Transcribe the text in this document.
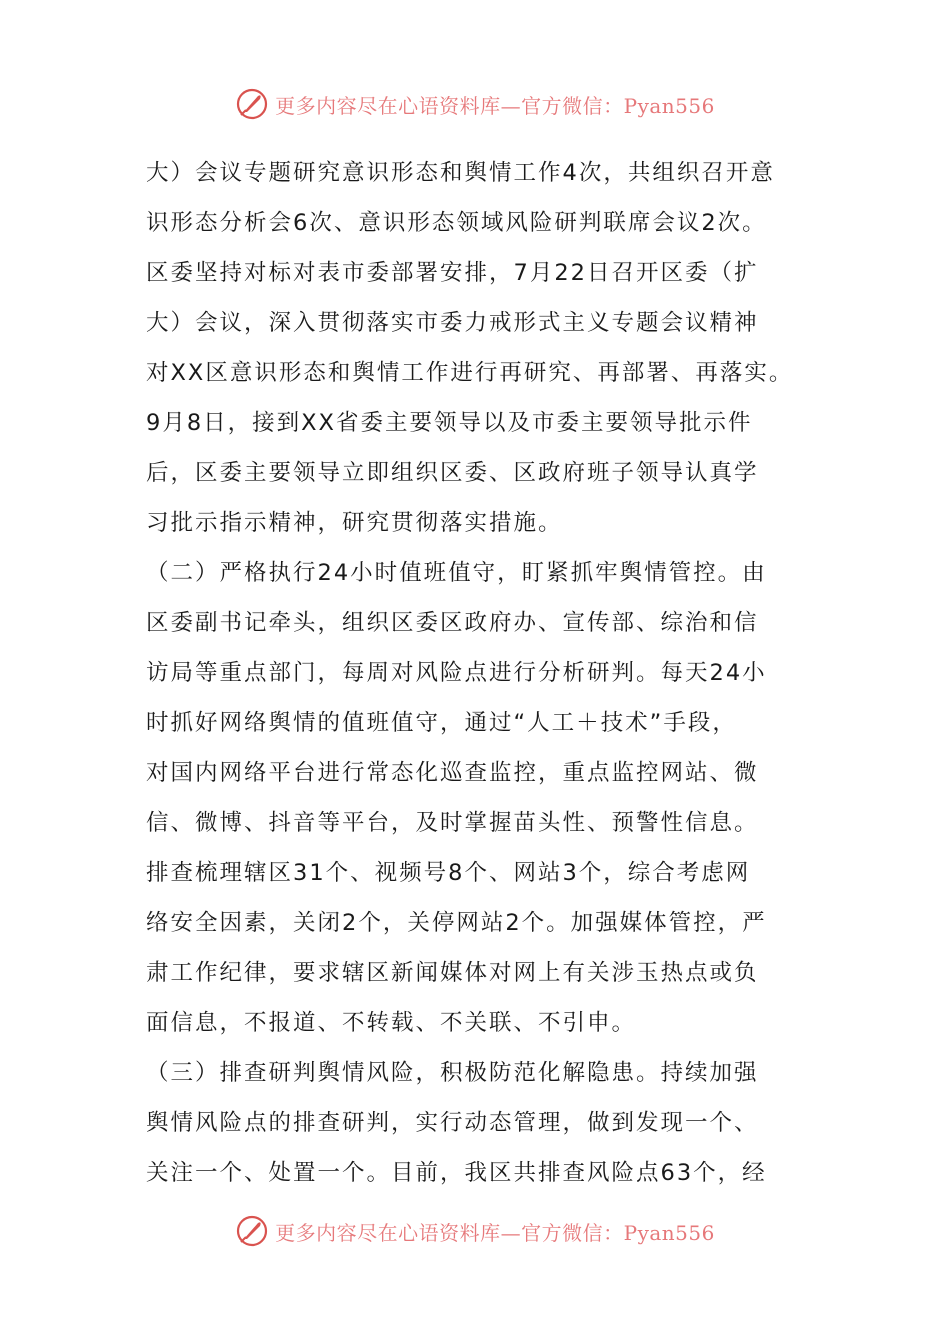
更多内容尽在心语资料库—官方微信：Pyan556
大）会议专题研究意识形态和舆情工作4次，共组织召开意
识形态分析会6次、意识形态领域风险研判联席会议2次。
区委坚持对标对表市委部署安排，7月22日召开区委（扩
大）会议，深入贯彻落实市委力戒形式主义专题会议精神
对XX区意识形态和舆情工作进行再研究、再部署、再落实。
9月8日，接到XX省委主要领导以及市委主要领导批示件
后，区委主要领导立即组织区委、区政府班子领导认真学
习批示指示精神，研究贯彻落实措施。
（二）严格执行24小时值班值守，盯紧抓牢舆情管控。由
区委副书记牵头，组织区委区政府办、宣传部、综治和信
访局等重点部门，每周对风险点进行分析研判。每天24小
时抓好网络舆情的值班值守，通过“人工＋技术”手段，
对国内网络平台进行常态化巡查监控，重点监控网站、微
信、微博、抖音等平台，及时掌握苗头性、预警性信息。
排查梳理辖区31个、视频号8个、网站3个，综合考虑网
络安全因素，关闭2个，关停网站2个。加强媒体管控，严
肃工作纪律，要求辖区新闻媒体对网上有关涉玉热点或负
面信息，不报道、不转载、不关联、不引申。
（三）排查研判舆情风险，积极防范化解隐患。持续加强
舆情风险点的排查研判，实行动态管理，做到发现一个、
关注一个、处置一个。目前，我区共排查风险点63个，经
更多内容尽在心语资料库—官方微信：Pyan556
